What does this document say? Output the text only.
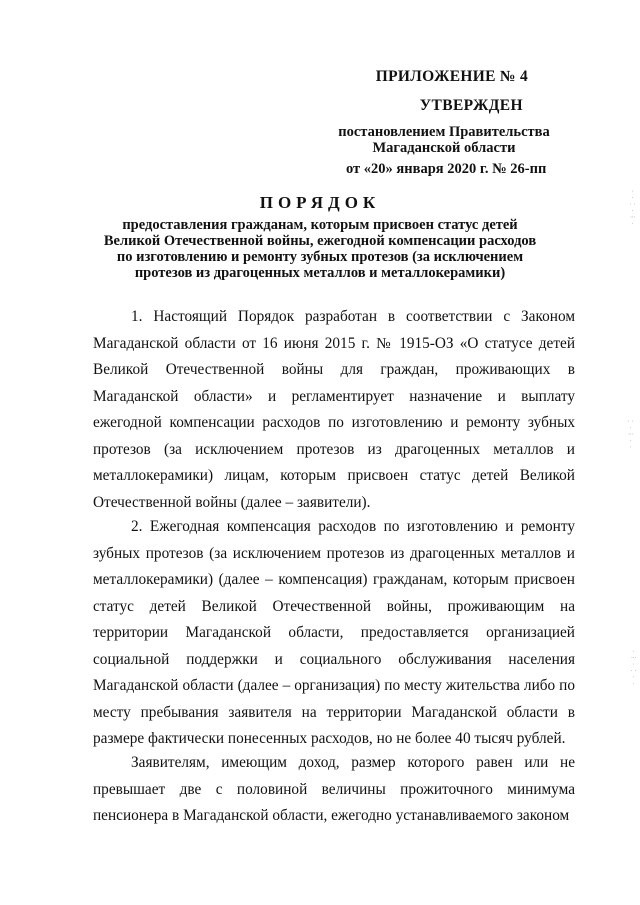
ПРИЛОЖЕНИЕ № 4
УТВЕРЖДЕН
постановлением Правительства Магаданской области
от «20» января 2020 г. № 26-пп
ПОРЯДОК
предоставления гражданам, которым присвоен статус детей Великой Отечественной войны, ежегодной компенсации расходов по изготовлению и ремонту зубных протезов (за исключением протезов из драгоценных металлов и металлокерамики)

1. Настоящий Порядок разработан в соответствии с Законом Магаданской области от 16 июня 2015 г. № 1915-ОЗ «О статусе детей Великой Отечественной войны для граждан, проживающих в Магаданской области» и регламентирует назначение и выплату ежегодной компенсации расходов по изготовлению и ремонту зубных протезов (за исключением протезов из драгоценных металлов и металлокерамики) лицам, которым присвоен статус детей Великой Отечественной войны (далее – заявители).

2. Ежегодная компенсация расходов по изготовлению и ремонту зубных протезов (за исключением протезов из драгоценных металлов и металлокерамики) (далее – компенсация) гражданам, которым присвоен статус детей Великой Отечественной войны, проживающим на территории Магаданской области, предоставляется организацией социальной поддержки и социального обслуживания населения Магаданской области (далее – организация) по месту жительства либо по месту пребывания заявителя на территории Магаданской области в размере фактически понесенных расходов, но не более 40 тысяч рублей.

Заявителям, имеющим доход, размер которого равен или не превышает две с половиной величины прожиточного минимума пенсионера в Магаданской области, ежегодно устанавливаемого законом

· · ⁚ · ⁝ ·
⁚ · ⁝ · ·
· ⁝ · ⁚ · ·
